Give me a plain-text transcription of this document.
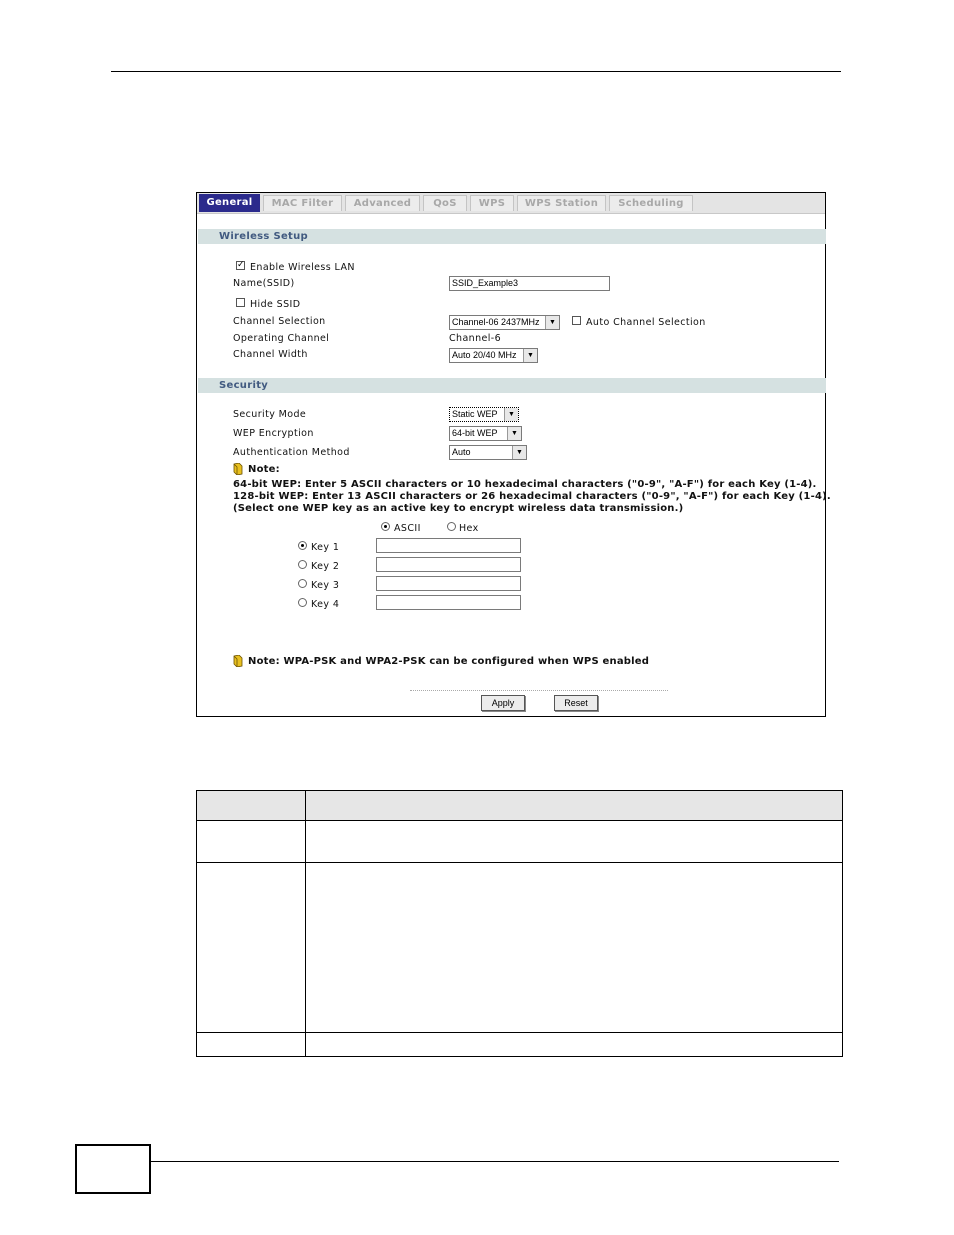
General	MAC Filter	Advanced	QoS	WPS	WPS Station	Scheduling
Wireless Setup
✓ Enable Wireless LAN
Name(SSID)	SSID_Example3
Hide SSID
Channel Selection	Channel-06 2437MHz	▼	Auto Channel Selection
Operating Channel	Channel-6
Channel Width	Auto 20/40 MHz	▼
Security
Security Mode	Static WEP	▼
WEP Encryption	64-bit WEP	▼
Authentication Method	Auto	▼
Note:
64-bit WEP: Enter 5 ASCII characters or 10 hexadecimal characters ("0-9", "A-F") for each Key (1-4).
128-bit WEP: Enter 13 ASCII characters or 26 hexadecimal characters ("0-9", "A-F") for each Key (1-4).
(Select one WEP key as an active key to encrypt wireless data transmission.)
ASCII	Hex
Key 1
Key 2
Key 3
Key 4
Note: WPA-PSK and WPA2-PSK can be configured when WPS enabled
Apply	Reset
